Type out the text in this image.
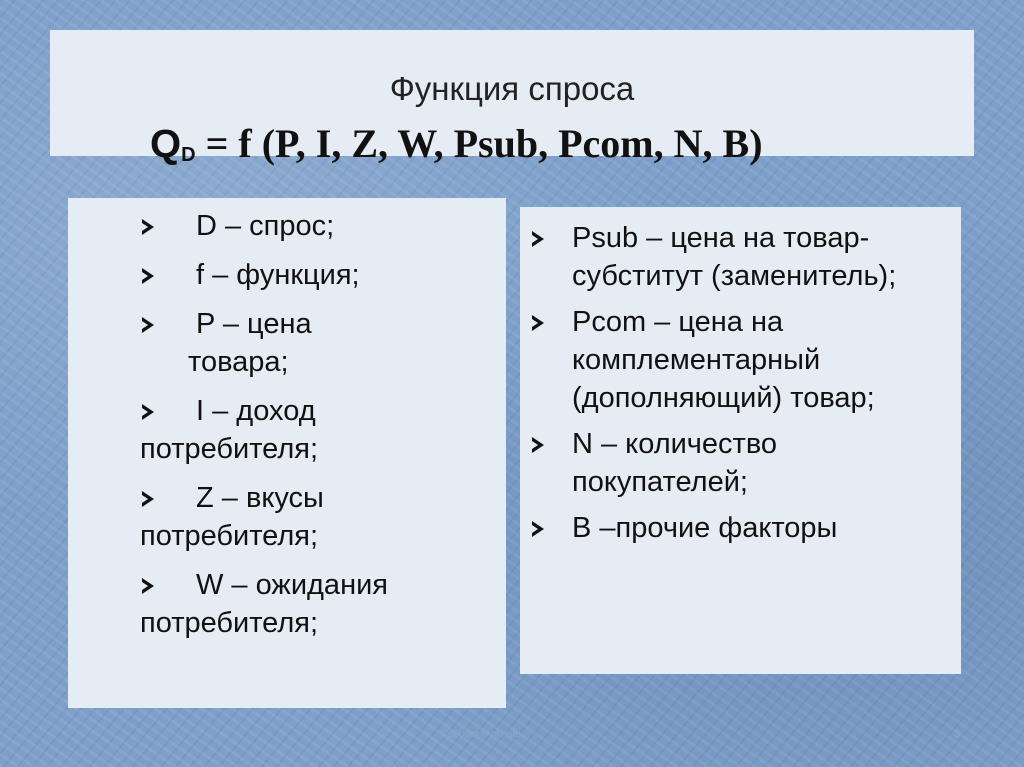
Функция спроса
$Q_D = f$ (P, I, Z, W, Psub, Pcom, N, B)
D – спрос;

f – функция;

P – цена
товара;
I – доход
потребителя;
Z – вкусы
потребителя;
W – ожидания
потребителя;
Psub – цена на товар-субститут (заменитель);
Pcom – цена на комплементарный (дополняющий) товар;
N – количество покупателей;
B –прочие факторы
Ссылки нужные	3
